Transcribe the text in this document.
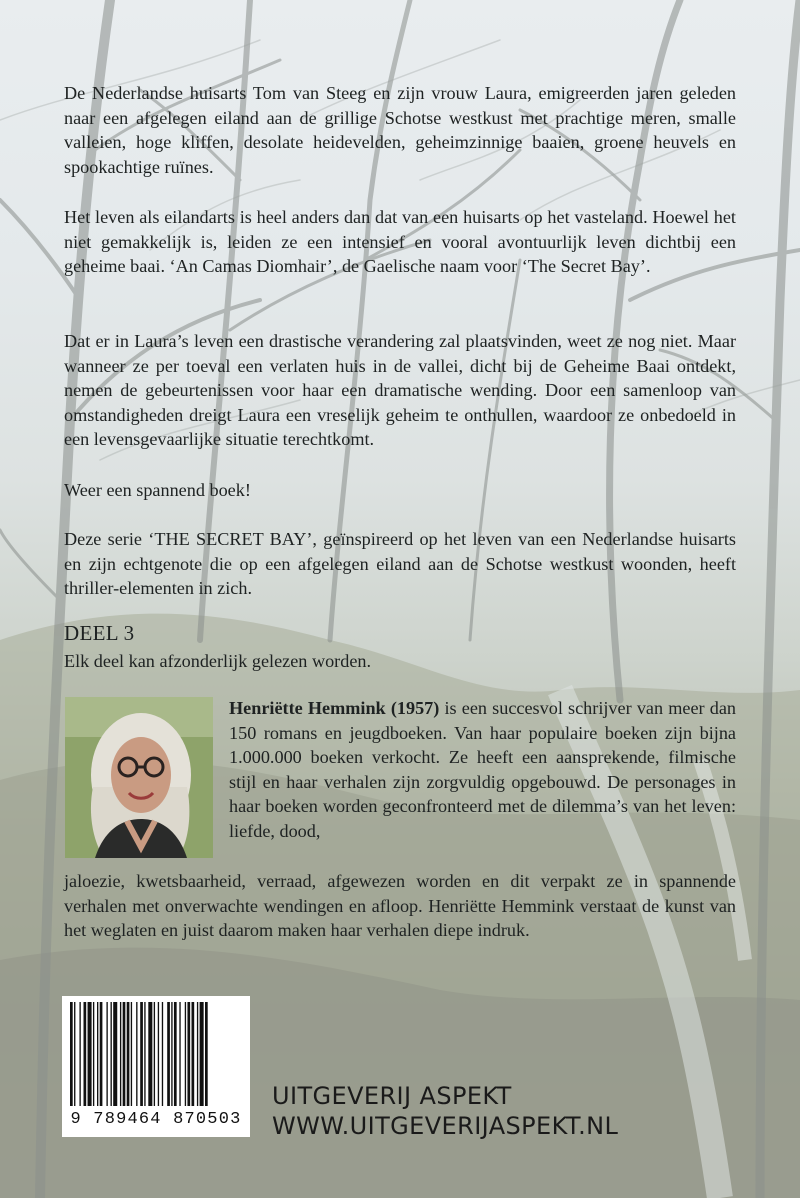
De Nederlandse huisarts Tom van Steeg en zijn vrouw Laura, emigreerden jaren geleden naar een afgelegen eiland aan de grillige Schotse westkust met prachtige meren, smalle valleien, hoge kliffen, desolate heidevelden, geheimzinnige baaien, groene heuvels en spookachtige ruïnes.

Het leven als eilandarts is heel anders dan dat van een huisarts op het vasteland. Hoewel het niet gemakkelijk is, leiden ze een intensief en vooral avontuurlijk leven dichtbij een geheime baai. ‘An Camas Diomhair’, de Gaelische naam voor ‘The Secret Bay’.

Dat er in Laura’s leven een drastische verandering zal plaatsvinden, weet ze nog niet. Maar wanneer ze per toeval een verlaten huis in de vallei, dicht bij de Geheime Baai ontdekt, nemen de gebeurtenissen voor haar een dramatische wending. Door een samenloop van omstandigheden dreigt Laura een vreselijk geheim te onthullen, waardoor ze onbedoeld in een levensgevaarlijke situatie terechtkomt.

Weer een spannend boek!

Deze serie ‘THE SECRET BAY’, geïnspireerd op het leven van een Nederlandse huisarts en zijn echtgenote die op een afgelegen eiland aan de Schotse westkust woonden, heeft thriller-elementen in zich.

DEEL 3

Elk deel kan afzonderlijk gelezen worden.

Henriëtte Hemmink (1957) is een succesvol schrijver van meer dan 150 romans en jeugdboeken. Van haar populaire boeken zijn bijna 1.000.000 boeken verkocht. Ze heeft een aansprekende, filmische stijl en haar verhalen zijn zorgvuldig opgebouwd. De personages in haar boeken worden geconfronteerd met de dilemma’s van het leven: liefde, dood,

jaloezie, kwetsbaarheid, verraad, afgewezen worden en dit verpakt ze in spannende verhalen met onverwachte wendingen en afloop. Henriëtte Hemmink verstaat de kunst van het weglaten en juist daarom maken haar verhalen diepe indruk.

9 789464 870503

UITGEVERIJ ASPEKT

WWW.UITGEVERIJASPEKT.NL
